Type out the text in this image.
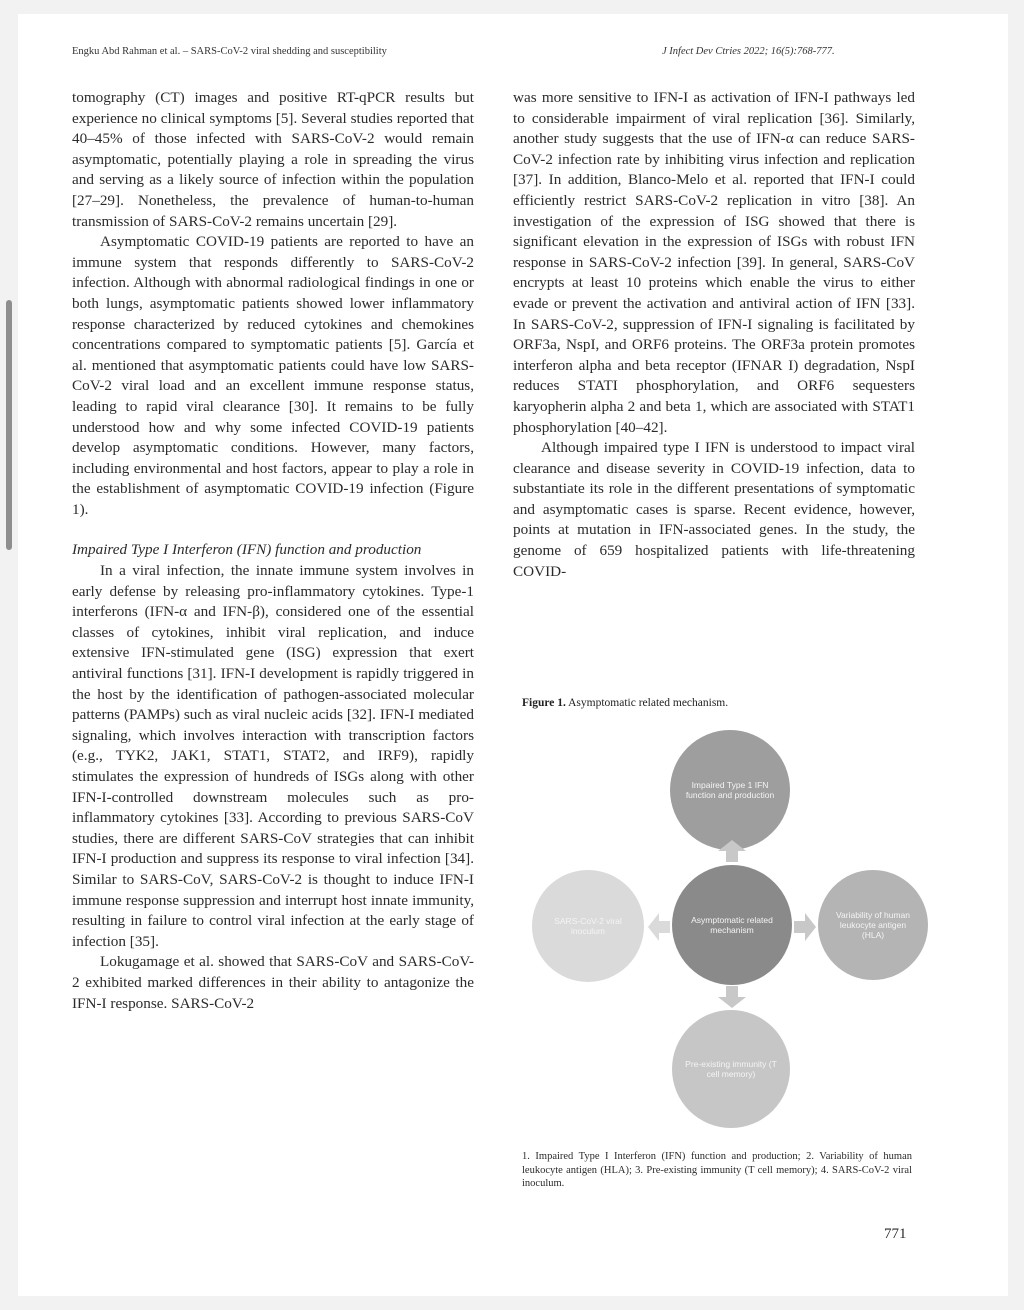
Engku Abd Rahman et al. – SARS-CoV-2 viral shedding and susceptibility	J Infect Dev Ctries 2022; 16(5):768-777.

tomography (CT) images and positive RT-qPCR results but experience no clinical symptoms [5]. Several studies reported that 40–45% of those infected with SARS-CoV-2 would remain asymptomatic, potentially playing a role in spreading the virus and serving as a likely source of infection within the population [27–29]. Nonetheless, the prevalence of human-to-human transmission of SARS-CoV-2 remains uncertain [29].

Asymptomatic COVID-19 patients are reported to have an immune system that responds differently to SARS-CoV-2 infection. Although with abnormal radiological findings in one or both lungs, asymptomatic patients showed lower inflammatory response characterized by reduced cytokines and chemokines concentrations compared to symptomatic patients [5]. García et al. mentioned that asymptomatic patients could have low SARS-CoV-2 viral load and an excellent immune response status, leading to rapid viral clearance [30]. It remains to be fully understood how and why some infected COVID-19 patients develop asymptomatic conditions. However, many factors, including environmental and host factors, appear to play a role in the establishment of asymptomatic COVID-19 infection (Figure 1).

Impaired Type I Interferon (IFN) function and production

In a viral infection, the innate immune system involves in early defense by releasing pro-inflammatory cytokines. Type-1 interferons (IFN-α and IFN-β), considered one of the essential classes of cytokines, inhibit viral replication, and induce extensive IFN-stimulated gene (ISG) expression that exert antiviral functions [31]. IFN-I development is rapidly triggered in the host by the identification of pathogen-associated molecular patterns (PAMPs) such as viral nucleic acids [32]. IFN-I mediated signaling, which involves interaction with transcription factors (e.g., TYK2, JAK1, STAT1, STAT2, and IRF9), rapidly stimulates the expression of hundreds of ISGs along with other IFN-I-controlled downstream molecules such as pro-inflammatory cytokines [33]. According to previous SARS-CoV studies, there are different SARS-CoV strategies that can inhibit IFN-I production and suppress its response to viral infection [34]. Similar to SARS-CoV, SARS-CoV-2 is thought to induce IFN-I immune response suppression and interrupt host innate immunity, resulting in failure to control viral infection at the early stage of infection [35].

Lokugamage et al. showed that SARS-CoV and SARS-CoV-2 exhibited marked differences in their ability to antagonize the IFN-I response. SARS-CoV-2

was more sensitive to IFN-I as activation of IFN-I pathways led to considerable impairment of viral replication [36]. Similarly, another study suggests that the use of IFN-α can reduce SARS-CoV-2 infection rate by inhibiting virus infection and replication [37]. In addition, Blanco-Melo et al. reported that IFN-I could efficiently restrict SARS-CoV-2 replication in vitro [38]. An investigation of the expression of ISG showed that there is significant elevation in the expression of ISGs with robust IFN response in SARS-CoV-2 infection [39]. In general, SARS-CoV encrypts at least 10 proteins which enable the virus to either evade or prevent the activation and antiviral action of IFN [33]. In SARS-CoV-2, suppression of IFN-I signaling is facilitated by ORF3a, NspI, and ORF6 proteins. The ORF3a protein promotes interferon alpha and beta receptor (IFNAR I) degradation, NspI reduces STATI phosphorylation, and ORF6 sequesters karyopherin alpha 2 and beta 1, which are associated with STAT1 phosphorylation [40–42].

Although impaired type I IFN is understood to impact viral clearance and disease severity in COVID-19 infection, data to substantiate its role in the different presentations of symptomatic and asymptomatic cases is sparse. Recent evidence, however, points at mutation in IFN-associated genes. In the study, the genome of 659 hospitalized patients with life-threatening COVID-

Figure 1. Asymptomatic related mechanism.
Impaired Type 1 IFN function and production
Asymptomatic related mechanism
Variability of human leukocyte antigen (HLA)
SARS-CoV-2 viral inoculum
Pre-existing immunity (T cell memory)
1. Impaired Type I Interferon (IFN) function and production; 2. Variability of human leukocyte antigen (HLA); 3. Pre-existing immunity (T cell memory); 4. SARS-CoV-2 viral inoculum.
771
